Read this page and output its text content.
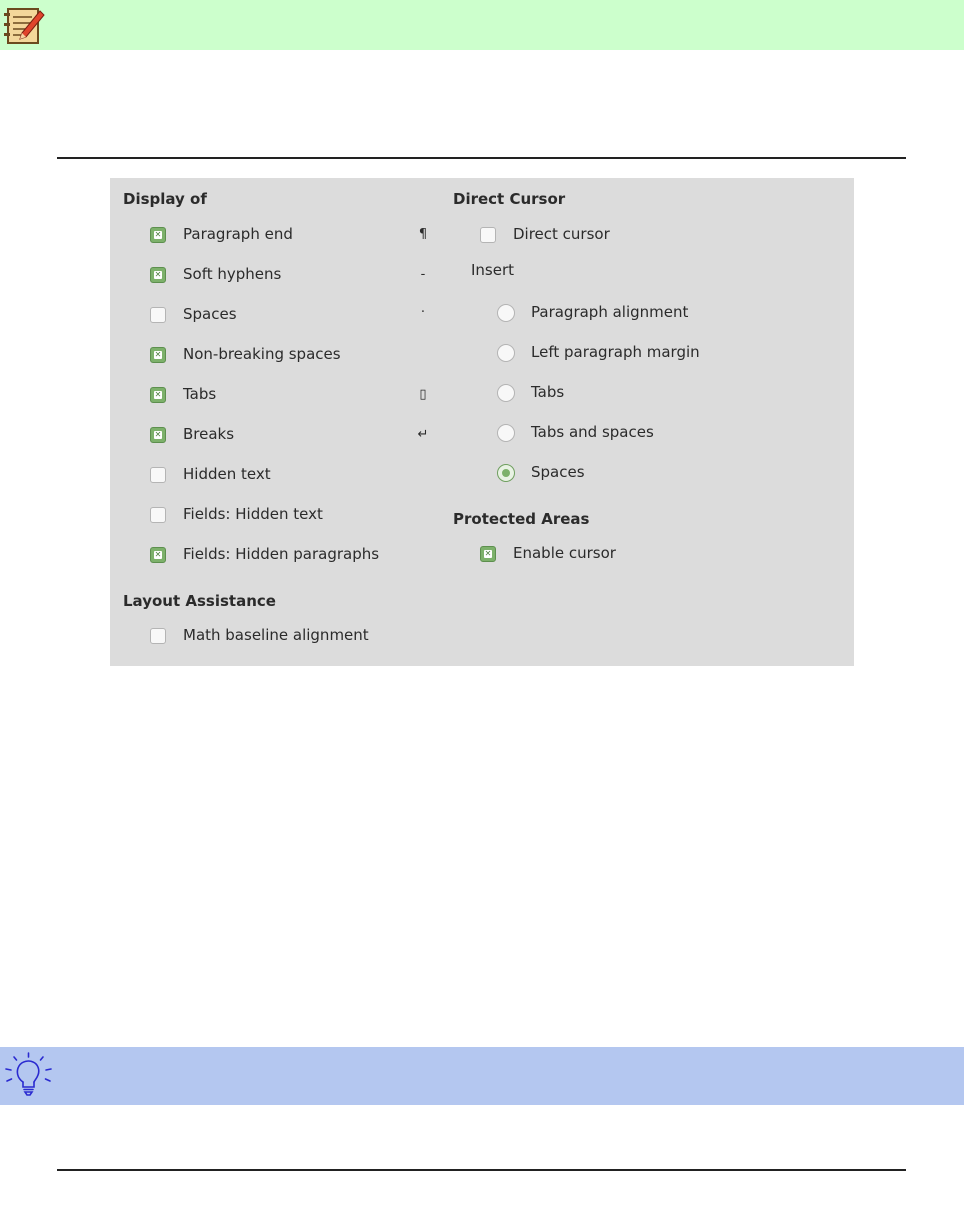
Display of
✕
Paragraph end	¶
✕
Soft hyphens	-
Spaces	·
✕
Non-breaking spaces
✕
Tabs	▯
✕
Breaks	↵
Hidden text
Fields: Hidden text
✕
Fields: Hidden paragraphs
Layout Assistance
Math baseline alignment
Direct Cursor
Direct cursor
Insert
Paragraph alignment
Left paragraph margin
Tabs
Tabs and spaces
Spaces
Protected Areas
✕
Enable cursor
